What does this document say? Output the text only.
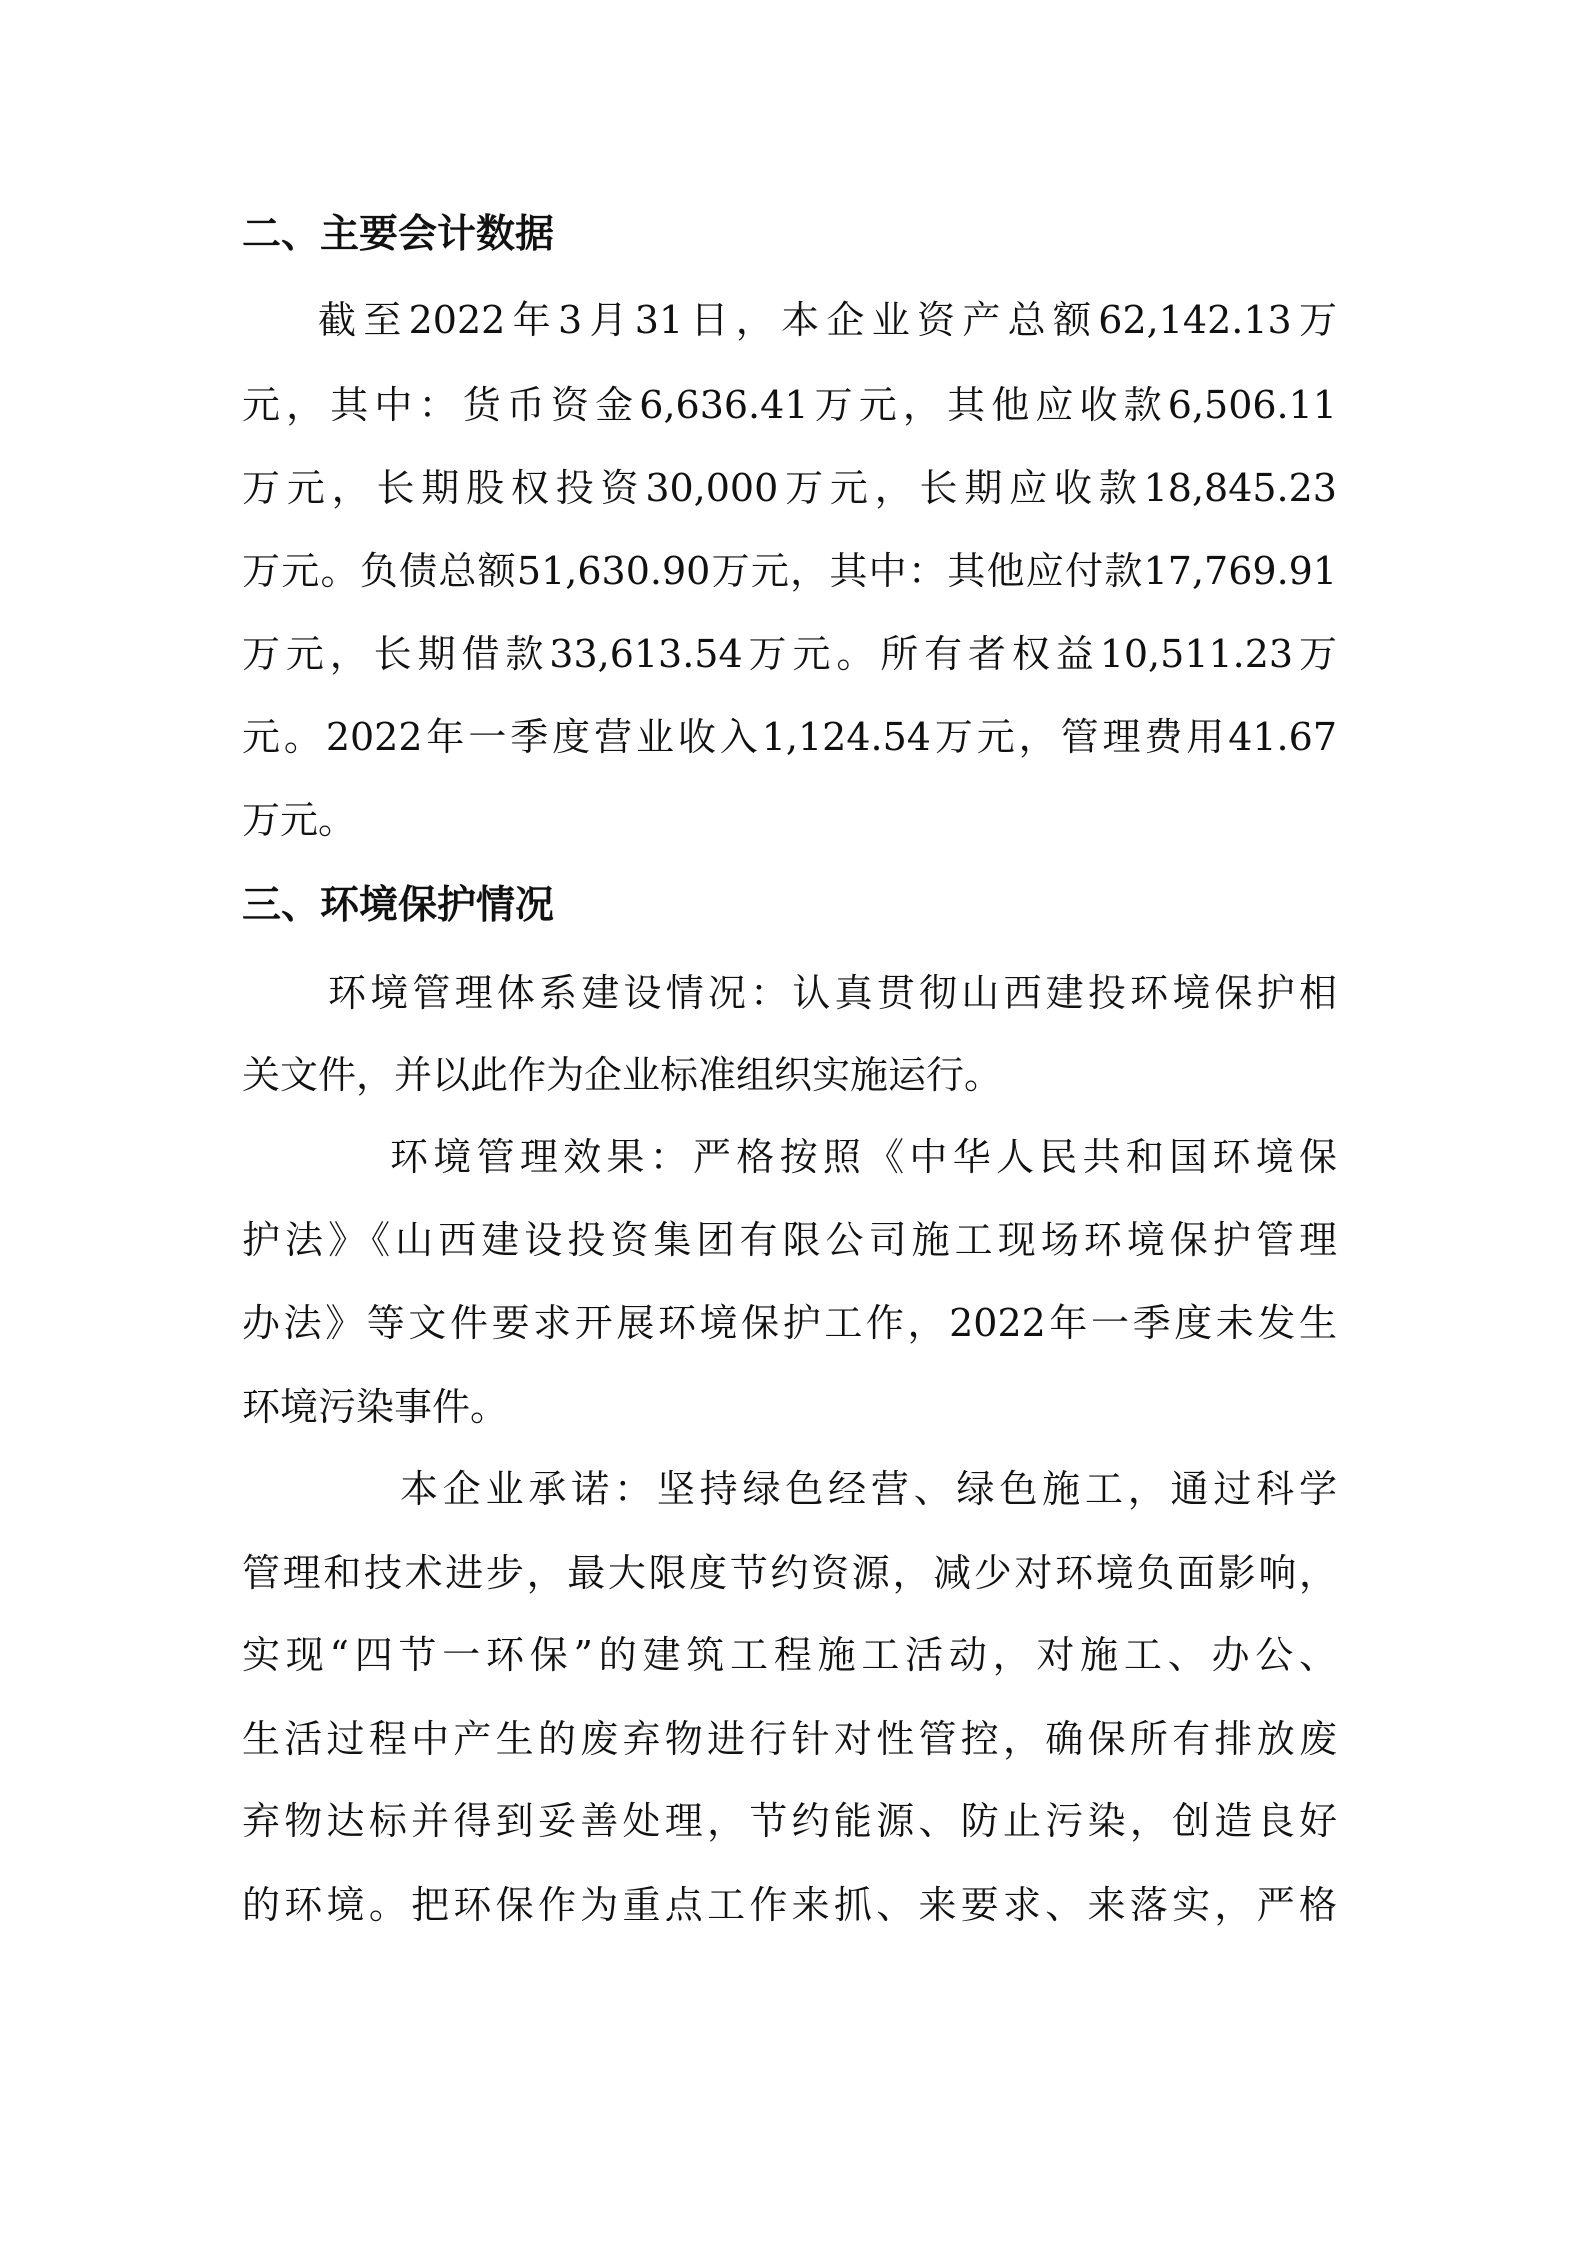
二、主要会计数据
截至2022年3月31日，本企业资产总额62,142.13万
元，其中：货币资金6,636.41万元，其他应收款6,506.11
万元，长期股权投资30,000万元，长期应收款18,845.23
万元。负债总额51,630.90万元，其中：其他应付款17,769.91
万元，长期借款33,613.54万元。所有者权益10,511.23万
元。2022年一季度营业收入1,124.54万元，管理费用41.67
万元。
三、环境保护情况
环境管理体系建设情况：认真贯彻山西建投环境保护相
关文件，并以此作为企业标准组织实施运行。
环境管理效果：严格按照《中华人民共和国环境保
护法》《山西建设投资集团有限公司施工现场环境保护管理
办法》等文件要求开展环境保护工作，2022年一季度未发生
环境污染事件。
本企业承诺：坚持绿色经营、绿色施工，通过科学
管理和技术进步，最大限度节约资源，减少对环境负面影响，
实现“四节一环保”的建筑工程施工活动，对施工、办公、
生活过程中产生的废弃物进行针对性管控，确保所有排放废
弃物达标并得到妥善处理，节约能源、防止污染，创造良好
的环境。把环保作为重点工作来抓、来要求、来落实，严格
